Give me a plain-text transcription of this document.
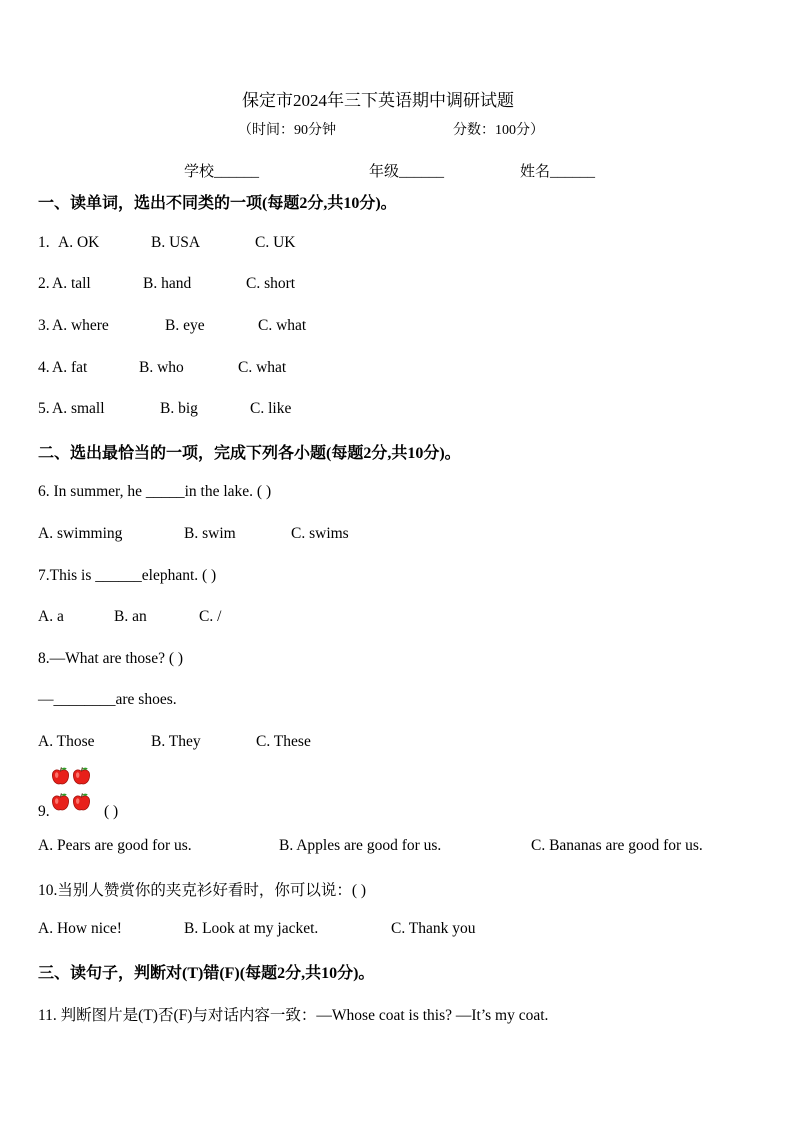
保定市2024年三下英语期中调研试题
（时间：90分钟	分数：100分）
学校______	年级______	姓名______
一、读单词，选出不同类的一项(每题2分,共10分)。
1. A. OK	B. USA	C. UK
2. A. tall	B. hand	C. short
3. A. where	B. eye	C. what
4. A. fat	B. who	C. what
5. A. small	B. big	C. like
二、选出最恰当的一项，完成下列各小题(每题2分,共10分)。
6. In summer, he _____in the lake. ( )
A. swimming	B. swim	C. swims
7.This is ______elephant. ( )
A. a	B. an	C. /
8.—What are those? ( )
—________are shoes.
A. Those	B. They	C. These
9.	( )
A. Pears are good for us.	B. Apples are good for us.	C. Bananas are good for us.
10.当别人赞赏你的夹克衫好看时，你可以说：( )
A. How nice!	B. Look at my jacket.	C. Thank you
三、读句子，判断对(T)错(F)(每题2分,共10分)。
11. 判断图片是(T)否(F)与对话内容一致：—Whose coat is this? —It’s my coat.
